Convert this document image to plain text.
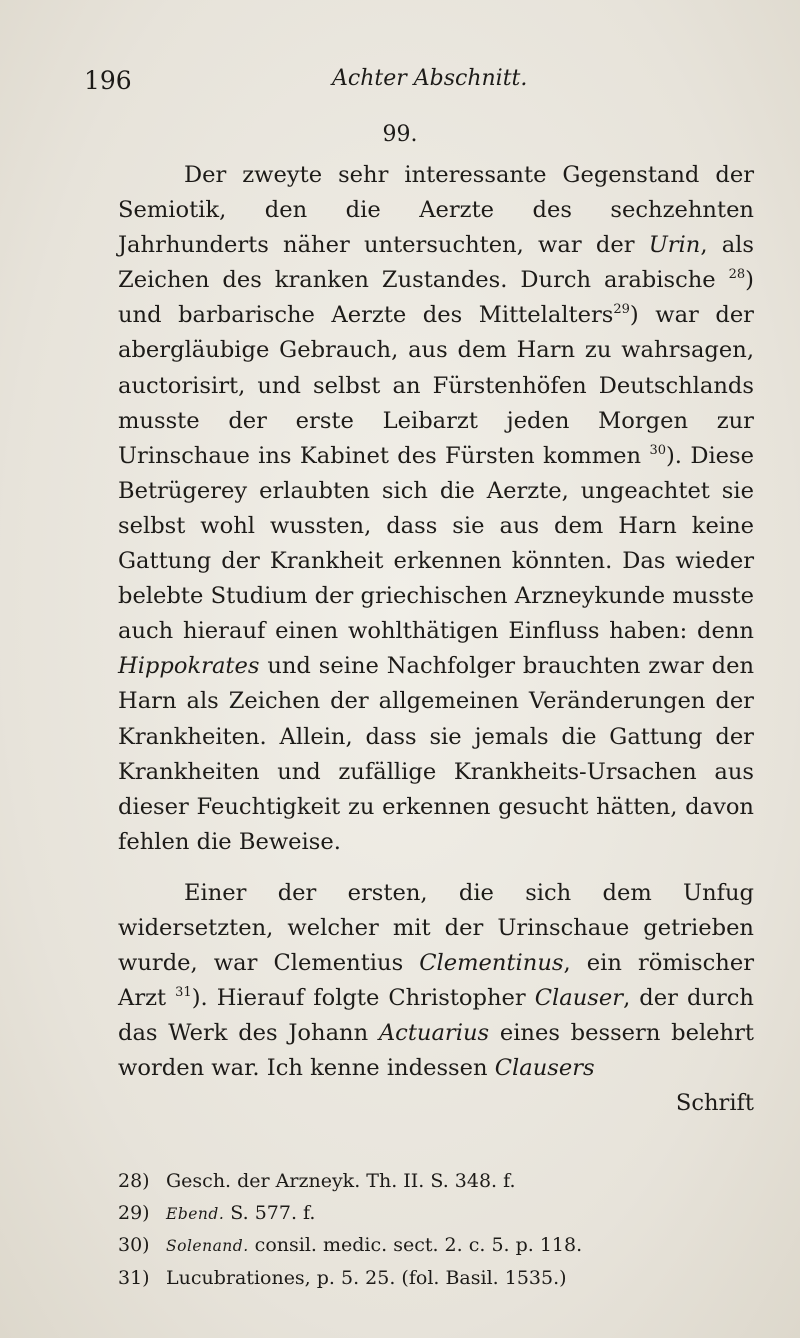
196	Achter Abschnitt.
99.

Der zweyte sehr interessante Gegenstand der Semiotik, den die Aerzte des sechzehnten Jahrhunderts näher untersuchten, war der Urin, als Zeichen des kranken Zustandes. Durch arabische $^{28}$) und barbarische Aerzte des Mittelalters$^{29}$) war der abergläubige Gebrauch, aus dem Harn zu wahrsagen, auctorisirt, und selbst an Fürstenhöfen Deutschlands musste der erste Leibarzt jeden Morgen zur Urinschaue ins Kabinet des Fürsten kommen $^{30}$). Diese Betrügerey erlaubten sich die Aerzte, ungeachtet sie selbst wohl wussten, dass sie aus dem Harn keine Gattung der Krankheit erkennen könnten. Das wieder belebte Studium der griechischen Arzneykunde musste auch hierauf einen wohlthätigen Einfluss haben: denn Hippokrates und seine Nachfolger brauchten zwar den Harn als Zeichen der allgemeinen Veränderungen der Krankheiten. Allein, dass sie jemals die Gattung der Krankheiten und zufällige Krankheits-Ursachen aus dieser Feuchtigkeit zu erkennen gesucht hätten, davon fehlen die Beweise.

Einer der ersten, die sich dem Unfug widersetzten, welcher mit der Urinschaue getrieben wurde, war Clementius Clementinus, ein römischer Arzt $^{31}$). Hierauf folgte Christopher Clauser, der durch das Werk des Johann Actuarius eines bessern belehrt worden war. Ich kenne indessen Clausers

Schrift
28) Gesch. der Arzneyk. Th. II. S. 348. f.
29) Ebend. S. 577. f.
30) Solenand. consil. medic. sect. 2. c. 5. p. 118.
31) Lucubrationes, p. 5. 25. (fol. Basil. 1535.)
